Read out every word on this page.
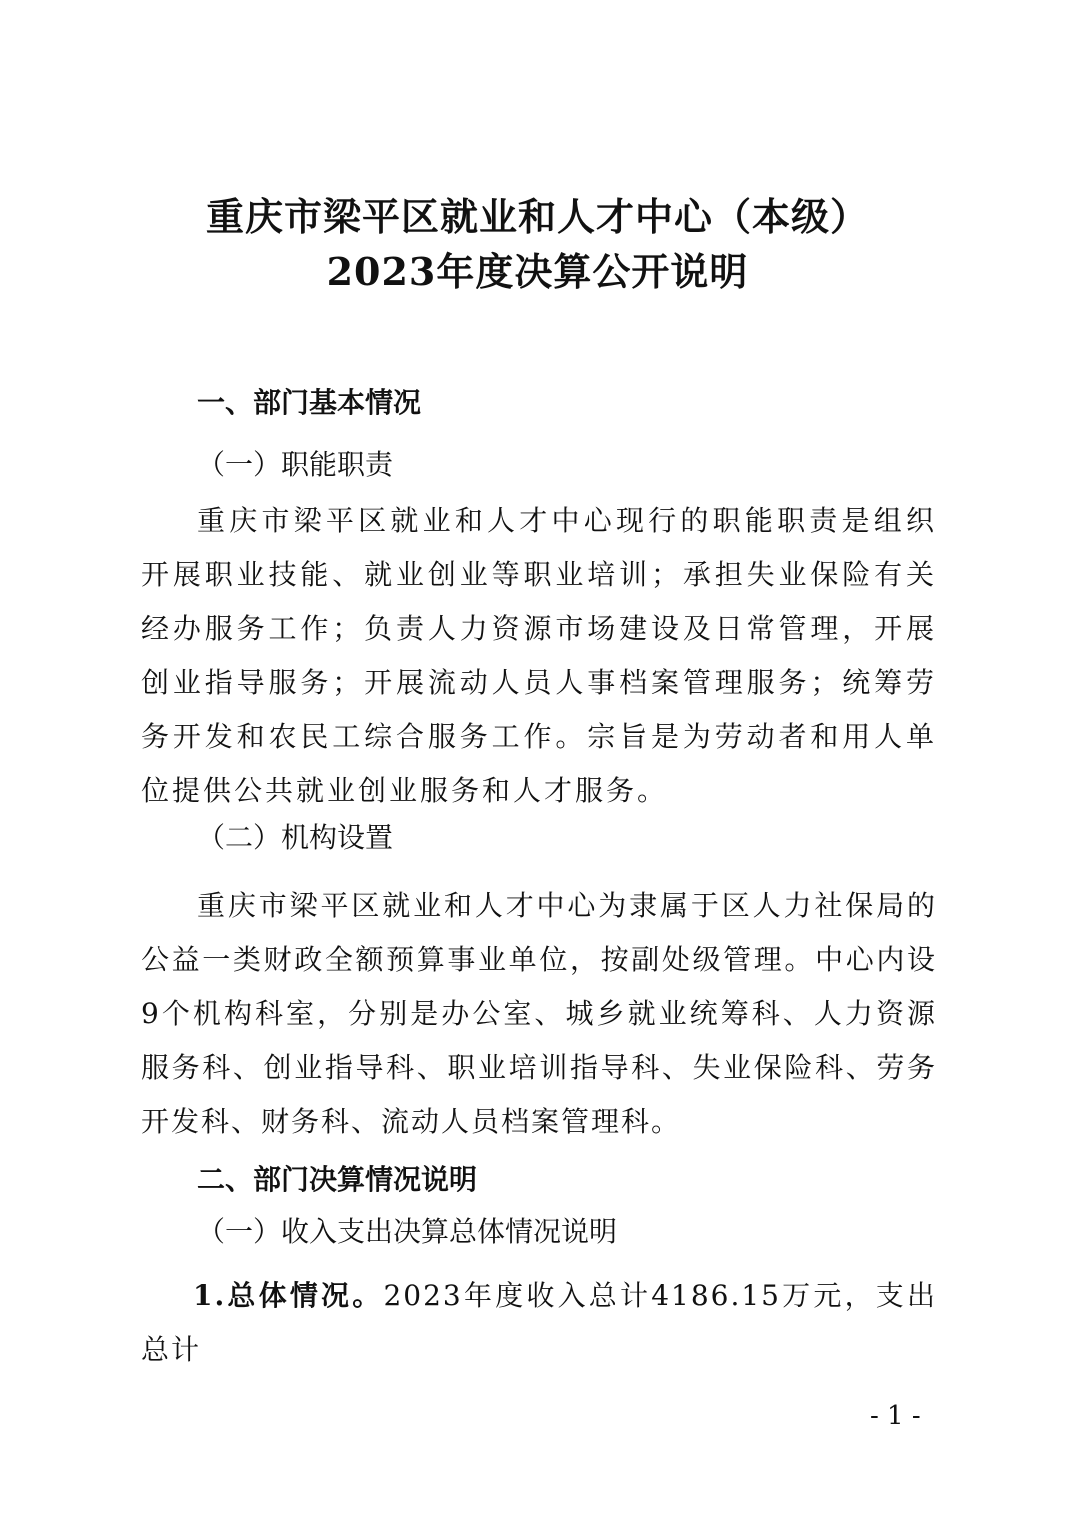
重庆市梁平区就业和人才中心（本级）
2023年度决算公开说明
一、部门基本情况
（一）职能职责

重庆市梁平区就业和人才中心现行的职能职责是组织开展职业技能、就业创业等职业培训；承担失业保险有关经办服务工作；负责人力资源市场建设及日常管理，开展创业指导服务；开展流动人员人事档案管理服务；统筹劳务开发和农民工综合服务工作。宗旨是为劳动者和用人单位提供公共就业创业服务和人才服务。

（二）机构设置

重庆市梁平区就业和人才中心为隶属于区人力社保局的公益一类财政全额预算事业单位，按副处级管理。中心内设9个机构科室，分别是办公室、城乡就业统筹科、人力资源服务科、创业指导科、职业培训指导科、失业保险科、劳务开发科、财务科、流动人员档案管理科。

二、部门决算情况说明
（一）收入支出决算总体情况说明

1.总体情况。2023年度收入总计4186.15万元，支出总计

- 1 -
